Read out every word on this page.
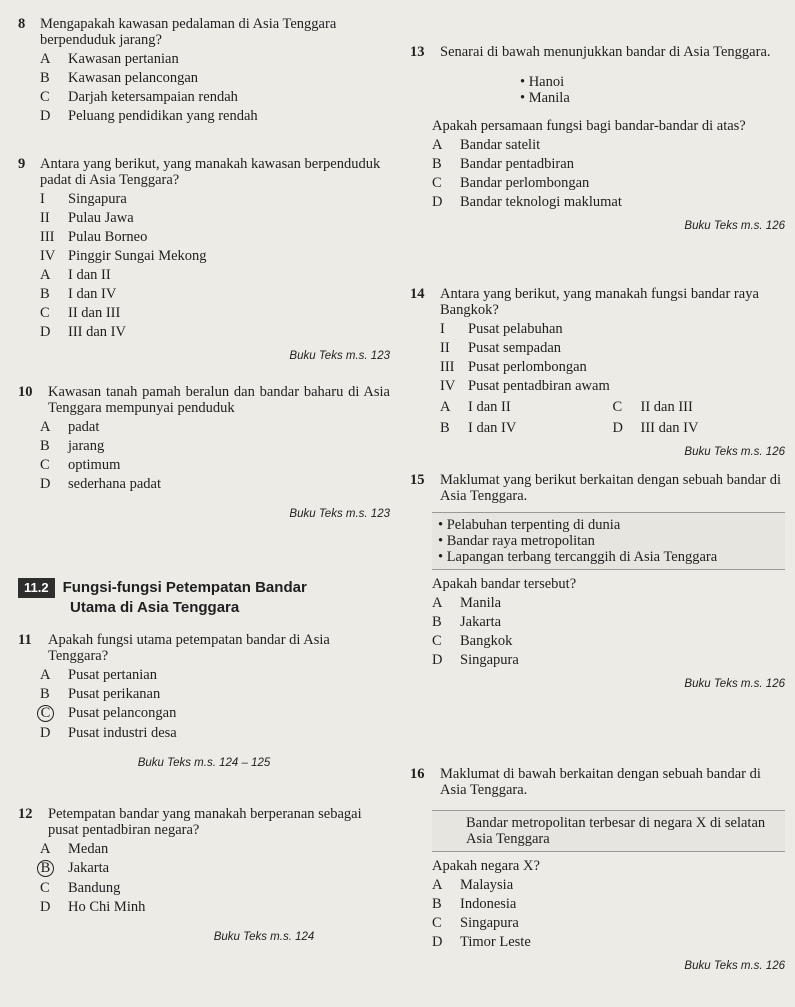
8	Mengapakah kawasan pedalaman di Asia Tenggara berpenduduk jarang?
A	Kawasan pertanian
B	Kawasan pelancongan
C	Darjah ketersampaian rendah
D	Peluang pendidikan yang rendah
9	Antara yang berikut, yang manakah kawasan berpenduduk padat di Asia Tenggara?
I	Singapura
II	Pulau Jawa
III Pulau Borneo
IV Pinggir Sungai Mekong
A	I dan II
B	I dan IV
C	II dan III
D	III dan IV
Buku Teks m.s. 123
10	Kawasan tanah pamah beralun dan bandar baharu di Asia Tenggara mempunyai penduduk
A	padat
B	jarang
C	optimum
D	sederhana padat
Buku Teks m.s. 123
11.2 Fungsi-fungsi Petempatan Bandar
Utama di Asia Tenggara
11	Apakah fungsi utama petempatan bandar di Asia Tenggara?
A	Pusat pertanian
B	Pusat perikanan
C	Pusat pelancongan
D	Pusat industri desa
Buku Teks m.s. 124 – 125
12	Petempatan bandar yang manakah berperanan sebagai pusat pentadbiran negara?
A	Medan
B	Jakarta
C	Bandung
D	Ho Chi Minh
Buku Teks m.s. 124
13	Senarai di bawah menunjukkan bandar di Asia Tenggara.
• Hanoi
• Manila
Apakah persamaan fungsi bagi bandar-bandar di atas?
A	Bandar satelit
B	Bandar pentadbiran
C	Bandar perlombongan
D	Bandar teknologi maklumat
Buku Teks m.s. 126
14	Antara yang berikut, yang manakah fungsi bandar raya Bangkok?
I	Pusat pelabuhan
II	Pusat sempadan
III Pusat perlombongan
IV Pusat pentadbiran awam
A	I dan II	C	II dan III
B	I dan IV	D	III dan IV
Buku Teks m.s. 126
15	Maklumat yang berikut berkaitan dengan sebuah bandar di Asia Tenggara.
• Pelabuhan terpenting di dunia
• Bandar raya metropolitan
• Lapangan terbang tercanggih di Asia Tenggara
Apakah bandar tersebut?
A	Manila
B	Jakarta
C	Bangkok
D	Singapura
Buku Teks m.s. 126
16	Maklumat di bawah berkaitan dengan sebuah bandar di Asia Tenggara.
Bandar metropolitan terbesar di negara X di selatan Asia Tenggara
Apakah negara X?
A	Malaysia
B	Indonesia
C	Singapura
D	Timor Leste
Buku Teks m.s. 126
